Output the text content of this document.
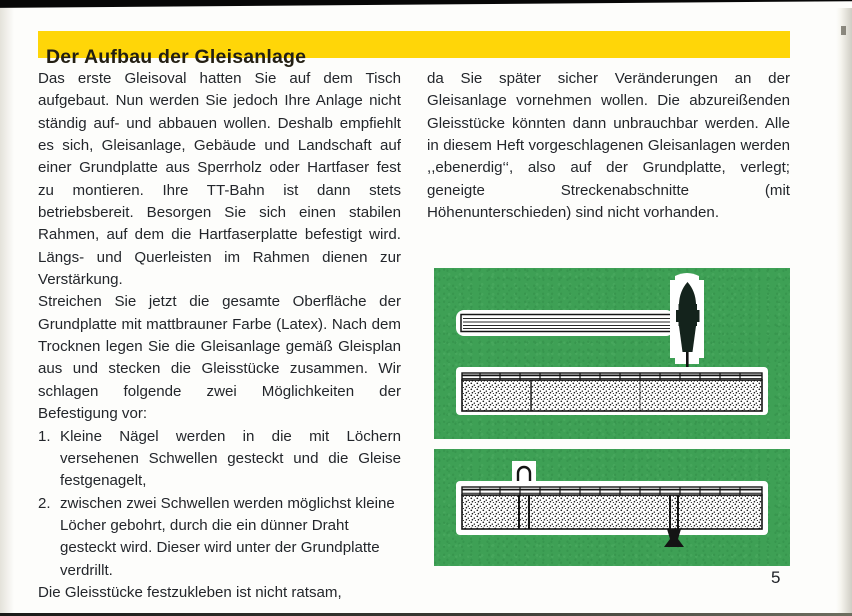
Der Aufbau der Gleisanlage

Das erste Gleisoval hatten Sie auf dem Tisch aufgebaut. Nun werden Sie jedoch Ihre Anlage nicht ständig auf- und abbauen wollen. Deshalb empfiehlt es sich, Gleisanlage, Gebäude und Landschaft auf einer Grundplatte aus Sperrholz oder Hartfaser fest zu montieren. Ihre TT-Bahn ist dann stets betriebsbereit. Besorgen Sie sich einen stabilen Rahmen, auf dem die Hartfaserplatte befestigt wird. Längs- und Querleisten im Rahmen dienen zur Verstärkung.

Streichen Sie jetzt die gesamte Oberfläche der Grundplatte mit mattbrauner Farbe (Latex). Nach dem Trocknen legen Sie die Gleisanlage gemäß Gleisplan aus und stecken die Gleisstücke zusammen. Wir schlagen folgende zwei Möglichkeiten der Befestigung vor:

1. Kleine Nägel werden in die mit Löchern versehenen Schwellen gesteckt und die Gleise festgenagelt,

2. zwischen zwei Schwellen werden möglichst kleine Löcher gebohrt, durch die ein dünner Draht gesteckt wird. Dieser wird unter der Grundplatte verdrillt.

Die Gleisstücke festzukleben ist nicht ratsam,

da Sie später sicher Veränderungen an der Gleisanlage vornehmen wollen. Die abzureißenden Gleisstücke könnten dann unbrauchbar werden. Alle in diesem Heft vorgeschlagenen Gleisanlagen werden ,,ebenerdig‘‘, also auf der Grundplatte, verlegt; geneigte Streckenabschnitte (mit Höhenunterschieden) sind nicht vorhanden.

5
